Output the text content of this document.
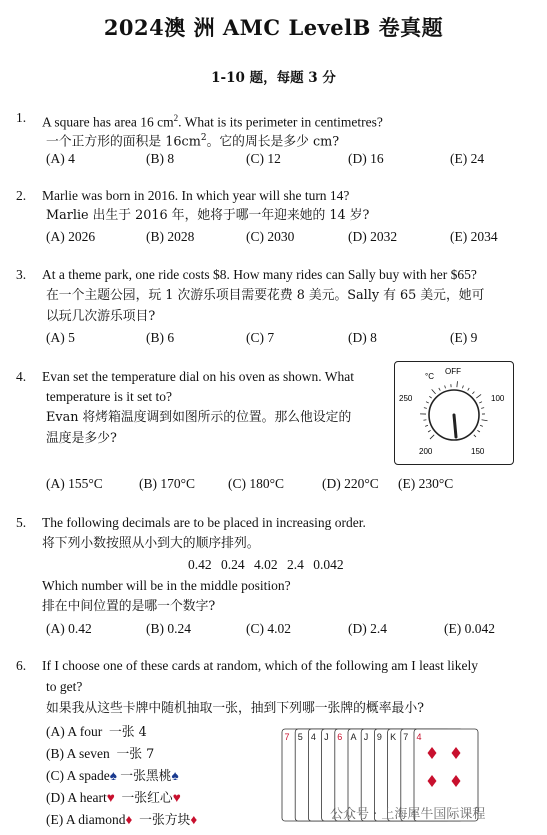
2024澳 洲 AMC LevelB 卷真题
1-10 题，每题 3 分
1. A square has area 16 $cm^2$. What is its perimeter in centimetres?
一个正方形的面积是 $16cm^2$。它的周长是多少 cm?
(A) 4	(B) 8	(C) 12	(D) 16	(E) 24
2. Marlie was born in 2016. In which year will she turn 14?
Marlie 出生于 2016 年，她将于哪一年迎来她的 14 岁?
(A) 2026	(B) 2028	(C) 2030	(D) 2032	(E) 2034
3. At a theme park, one ride costs $8. How many rides can Sally buy with her $65?
在一个主题公园，玩 1 次游乐项目需要花费 8 美元。Sally 有 65 美元，她可
以玩几次游乐项目?
(A) 5	(B) 6	(C) 7	(D) 8	(E) 9
4. Evan set the temperature dial on his oven as shown. What
temperature is it set to?
Evan 将烤箱温度调到如图所示的位置。那么他设定的
温度是多少?
(A) 155°C	(B) 170°C (C) 180°C	(D) 220°C (E) 230°C
°C
OFF
250	100
200	150
5. The following decimals are to be placed in increasing order.
将下列小数按照从小到大的顺序排列。
0.42 0.24 4.02 2.4 0.042
Which number will be in the middle position?
排在中间位置的是哪一个数字?
(A) 0.42	(B) 0.24	(C) 4.02	(D) 2.4	(E) 0.042
6. If I choose one of these cards at random, which of the following am I least likely
to get?
如果我从这些卡牌中随机抽取一张，抽到下列哪一张牌的概率最小?
(A) A four 一张 4
(B) A seven 一张 7
(C) A spade♠ 一张黑桃♠
(D) A heart♥ 一张红心♥
(E) A diamond♦ 一张方块♦
7 5 4 J 6 A J 9 K 7 4
公众号 · 上海犀牛国际课程
